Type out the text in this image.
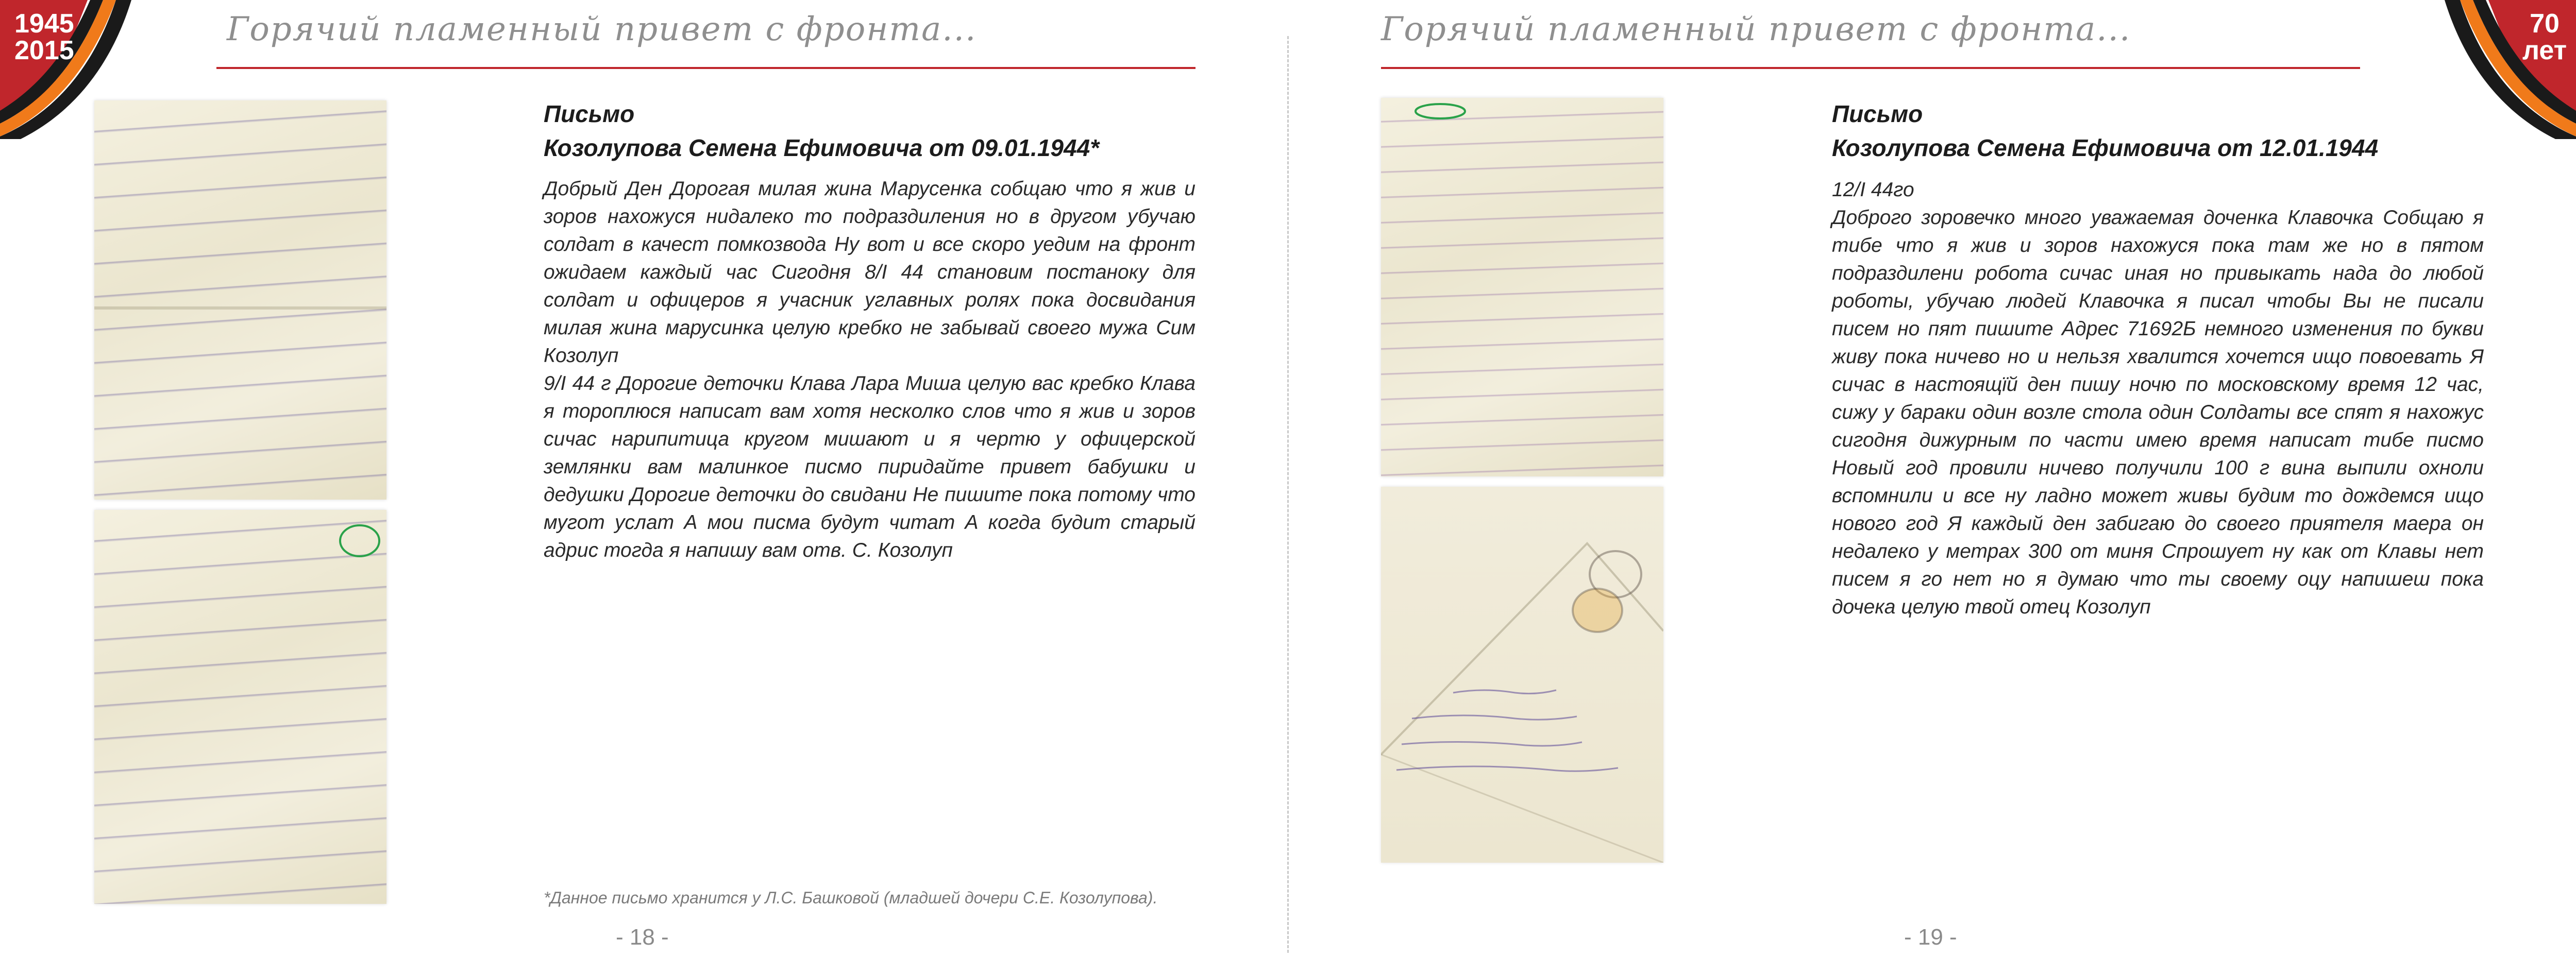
1945
2015
Горячий пламенный привет с фронта...
Письмо
Козолупова Семена Ефимовича от 09.01.1944*

Добрый Ден Дорогая милая жина Марусенка собщаю что я жив и зоров нахожуся нидалеко то подраздиления но в другом убучаю солдат в качест помкозвода Ну вот и все скоро уедим на фронт ожидаем каждый час Сигодня 8/I 44 становим постаноку для солдат и офицеров я учасник углавных ролях пока досвидания милая жина марусинка целую кребко не забывай своего мужа Сим Козолуп

9/I 44 г Дорогие деточки Клава Лара Миша целую вас кребко Клава я тороплюся написат вам хотя несколко слов что я жив и зоров сичас нарипитица кругом мишают и я чертю у офицерской землянки вам малинкое писмо пиридайте привет бабушки и дедушки Дорогие деточки до свидани Не пишите пока потому что мугот услат А мои писма будут читат А когда будит старый адрис тогда я напишу вам отв. С. Козолуп

*Данное письмо хранится у Л.С. Башковой (младшей дочери С.Е. Козолупова).
- 18 -
70
лет
Горячий пламенный привет с фронта...
Письмо
Козолупова Семена Ефимовича от 12.01.1944

12/I 44го

Доброго зоровечко много уважаемая доченка Клавочка Собщаю я тибе что я жив и зоров нахожуся пока там же но в пятом подраздилени робота сичас иная но привыкать нада до любой роботы, убучаю людей Клавочка я писал чтобы Вы не писали писем но пят пишите Адрес 71692Б немного изменения по букви живу пока ничево но и нельзя хвалится хочется ищо повоевать Я сичас в настоящїй ден пишу ночю по московскому время 12 час, сижу у бараки один возле стола один Солдаты все спят я нахожус сигодня дижурным по части имею время написат тибе писмо Новый год провили ничево получили 100 г вина выпили охноли вспомнили и все ну ладно может живы будим то дождемся ищо нового год Я каждый ден забигаю до своего приятеля маера он недалеко у метрах 300 от миня Спрошует ну как от Клавы нет писем я го нет но я думаю что ты своему оцу напишеш пока дочека целую твой отец Козолуп

- 19 -
